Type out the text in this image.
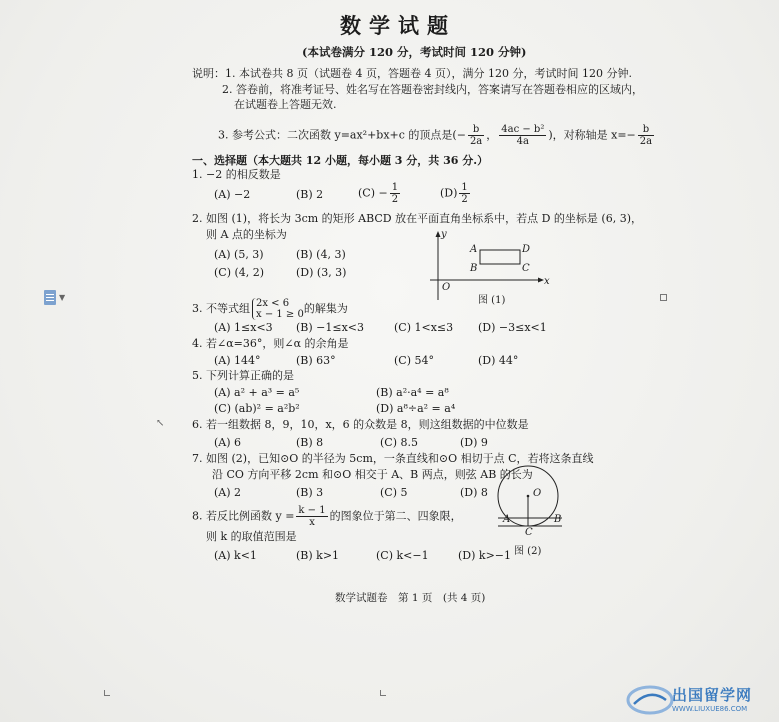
数学试题
(本试卷满分 120 分，考试时间 120 分钟)
说明：1. 本试卷共 8 页（试题卷 4 页，答题卷 4 页），满分 120 分，考试时间 120 分钟.
2. 答卷前，将准考证号、姓名写在答题卷密封线内，答案请写在答题卷相应的区域内，
在试题卷上答题无效.
3. 参考公式：二次函数 y=ax²+bx+c 的顶点是(− $\frac{b}{2a}$ ， $\frac{\text{4ac − b²}}{4a}$ )，对称轴是 $x=- \frac{b}{2a}$
一、选择题（本大题共 12 小题，每小题 3 分，共 36 分.）
1. −2 的相反数是
(A) −2	(B) 2	$(C) - \frac{1}{2}$	$(D) \frac{1}{2}$
2. 如图 (1)，将长为 3cm 的矩形 ABCD 放在平面直角坐标系中，若点 D 的坐标是 (6, 3)，
则 A 点的坐标为
(A) (5, 3)	(B) (4, 3)
(C) (4, 2)	(D) (3, 3)
y
x
O
A
B	C
D
图 (1)
3. 不等式组 2x < 6
x − 1 ≥ 0 的解集为
(A) 1≤x<3 (B) −1≤x<3	(C) 1<x≤3 (D) −3≤x<1
4. 若∠α=36°，则∠α 的余角是
(A) 144°	(B) 63°	(C) 54°	(D) 44°
5. 下列计算正确的是
(A) a² + a³ = a⁵	(B) a²·a⁴ = a⁸
(C) (ab)² = a²b²	(D) a⁸÷a² = a⁴
6. 若一组数据 8，9，10，x，6 的众数是 8，则这组数据的中位数是
(A) 6	(B) 8	(C) 8.5	(D) 9
7. 如图 (2)，已知⊙O 的半径为 5cm，一条直线和⊙O 相切于点 C，若将这条直线
沿 CO 方向平移 2cm 和⊙O 相交于 A、B 两点，则弦 AB 的长为
(A) 2	(B) 3	(C) 5	(D) 8	O
A	B
C
图 (2)
8. 若反比例函数 $y = \frac{k - 1}{x}$ 的图象位于第二、四象限，
则 k 的取值范围是
(A) k<1	(B) k>1	(C) k<−1	(D) k>−1
数学试题卷　第 1 页　(共 4 页)
▼
↖
出国留学网
WWW.LIUXUE86.COM
